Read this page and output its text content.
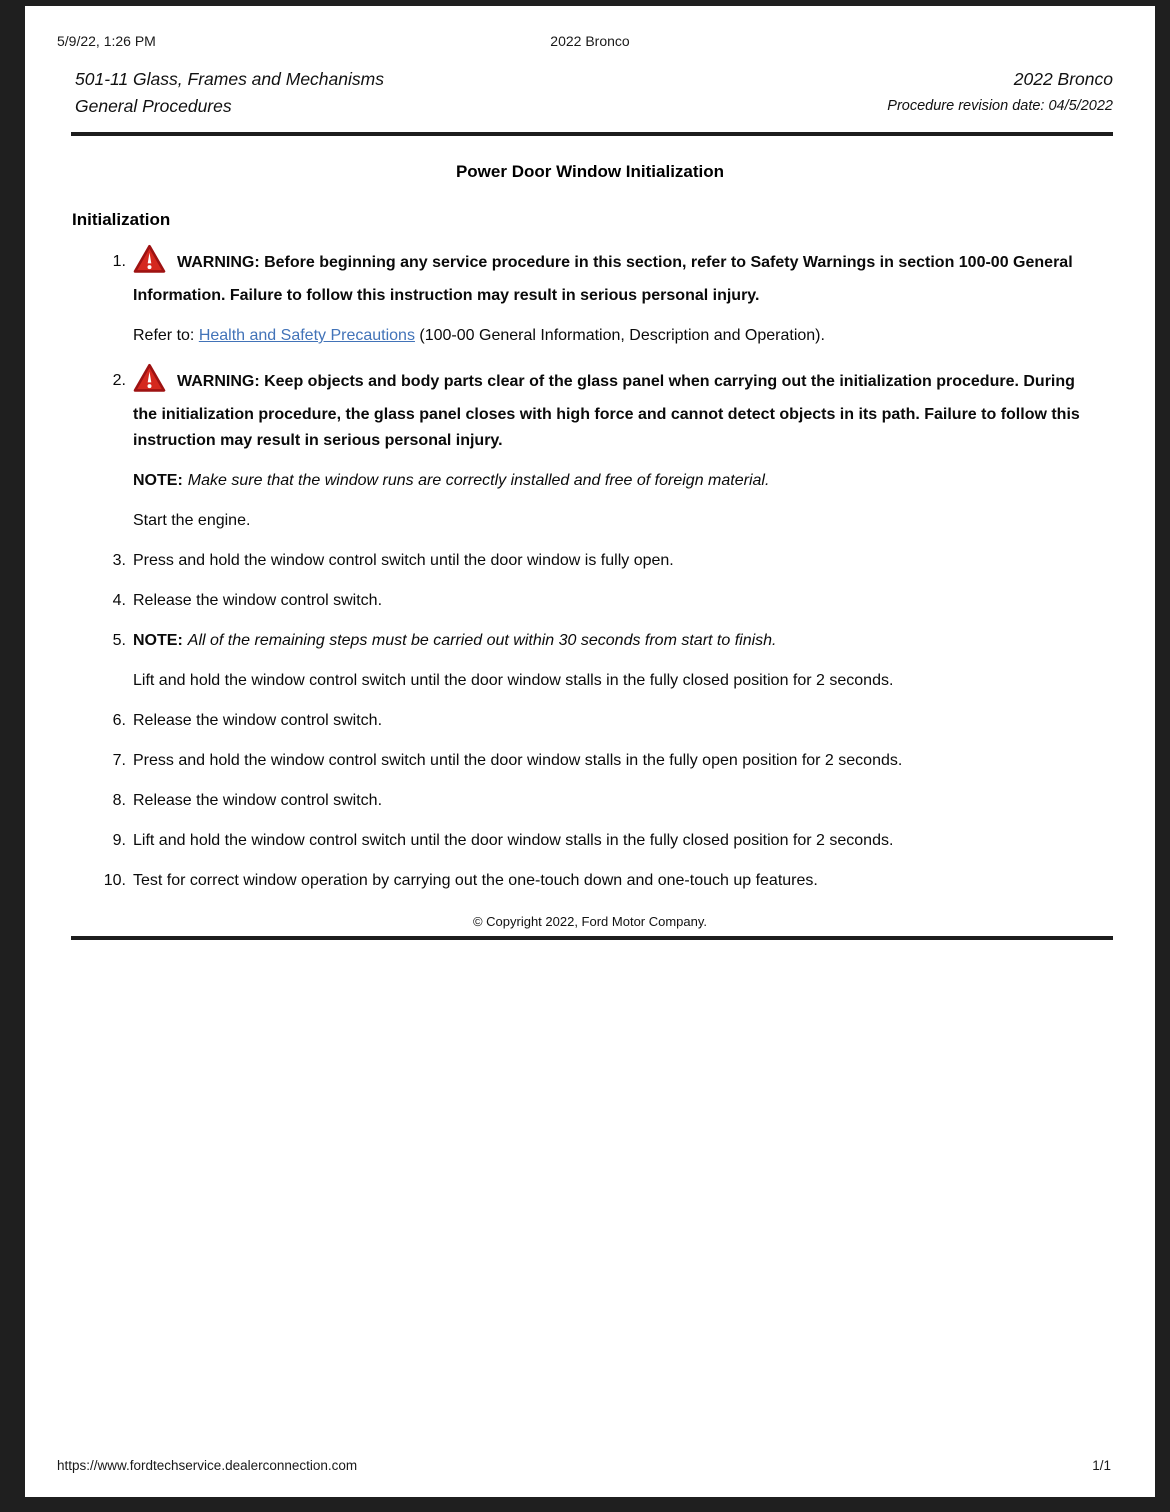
5/9/22, 1:26 PM	2022 Bronco
501-11 Glass, Frames and Mechanisms
General Procedures
2022 Bronco
Procedure revision date: 04/5/2022
Power Door Window Initialization
Initialization
1.	WARNING: Before beginning any service procedure in this section, refer to Safety Warnings in section 100-00 General Information. Failure to follow this instruction may result in serious personal injury.
Refer to: Health and Safety Precautions (100-00 General Information, Description and Operation).
2.	WARNING: Keep objects and body parts clear of the glass panel when carrying out the initialization procedure. During the initialization procedure, the glass panel closes with high force and cannot detect objects in its path. Failure to follow this instruction may result in serious personal injury.
NOTE: Make sure that the window runs are correctly installed and free of foreign material.
Start the engine.
3. Press and hold the window control switch until the door window is fully open.
4. Release the window control switch.
5. NOTE: All of the remaining steps must be carried out within 30 seconds from start to finish.
Lift and hold the window control switch until the door window stalls in the fully closed position for 2 seconds.
6. Release the window control switch.
7. Press and hold the window control switch until the door window stalls in the fully open position for 2 seconds.
8. Release the window control switch.
9. Lift and hold the window control switch until the door window stalls in the fully closed position for 2 seconds.
10. Test for correct window operation by carrying out the one-touch down and one-touch up features.
© Copyright 2022, Ford Motor Company.
https://www.fordtechservice.dealerconnection.com	1/1
